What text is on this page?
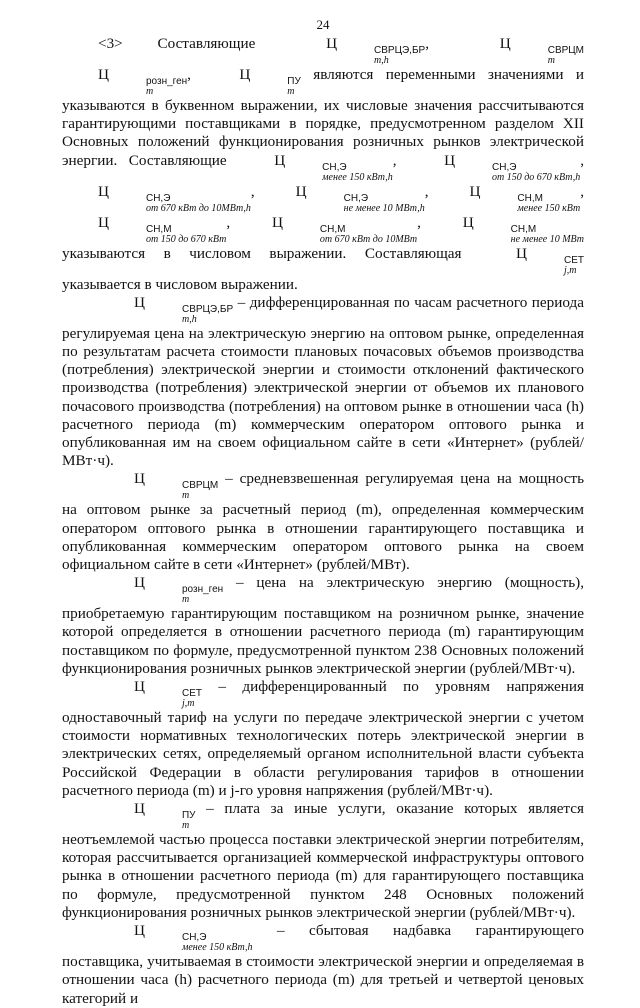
24

<3> Составляющие Ц	СВРЦЭ,БР
m,h
, Ц	СВРЦМ
m
Ц	розн_ген
m
, Ц	ПУ
m
являются переменными значениями и указываются в буквенном выражении, их числовые значения рассчитываются гарантирующими поставщиками в порядке, предусмотренном разделом XII Основных положений функционирования розничных рынков электрической энергии. Составляющие Ц	СН,Э
менее 150 кВт,h
,	Ц	СН,Э
от 150 до 670 кВт,h
, Ц	СН,Э
от 670 кВт до 10МВт,h
,	Ц	СН,Э
не менее 10 МВт,h
,	Ц	СН,М
менее 150 кВт
, Ц	СН,М
от 150 до 670 кВт
,	Ц	СН,М
от 670 кВт до 10МВт
,	Ц	СН,М
не менее 10 МВт
указываются в числовом выражении. Составляющая Ц	СЕТ
j,m
указывается в числовом выражении.

Ц	СВРЦЭ,БР
m,h
– дифференцированная по часам расчетного периода регулируемая цена на электрическую энергию на оптовом рынке, определенная по результатам расчета стоимости плановых почасовых объемов производства (потребления) электрической энергии и стоимости отклонений фактического производства (потребления) электрической энергии от объемов их планового почасового производства (потребления) на оптовом рынке в отношении часа (h) расчетного периода (m) коммерческим оператором оптового рынка и опубликованная им на своем официальном сайте в сети «Интернет» (рублей/МВт·ч).

Ц	СВРЦМ
m
– средневзвешенная регулируемая цена на мощность на оптовом рынке за расчетный период (m), определенная коммерческим оператором оптового рынка в отношении гарантирующего поставщика и опубликованная коммерческим оператором оптового рынка на своем официальном сайте в сети «Интернет» (рублей/МВт).

Ц	розн_ген
m
– цена на электрическую энергию (мощность), приобретаемую гарантирующим поставщиком на розничном рынке, значение которой определяется в отношении расчетного периода (m) гарантирующим поставщиком по формуле, предусмотренной пунктом 238 Основных положений функционирования розничных рынков электрической энергии (рублей/МВт·ч).

Ц	СЕТ
j,m
– дифференцированный по уровням напряжения одноставочный тариф на услуги по передаче электрической энергии с учетом стоимости нормативных технологических потерь электрической энергии в электрических сетях, определяемый органом исполнительной власти субъекта Российской Федерации в области регулирования тарифов в отношении расчетного периода (m) и j-го уровня напряжения (рублей/МВт·ч).

Ц	ПУ
m
– плата за иные услуги, оказание которых является неотъемлемой частью процесса поставки электрической энергии потребителям, которая рассчитывается организацией коммерческой инфраструктуры оптового рынка в отношении расчетного периода (m) для гарантирующего поставщика по формуле, предусмотренной пунктом 248 Основных положений функционирования розничных рынков электрической энергии (рублей/МВт·ч).

Ц	СН,Э
менее 150 кВт,h
– сбытовая надбавка гарантирующего поставщика, учитываемая в стоимости электрической энергии и определяемая в отношении часа (h) расчетного периода (m) для третьей и четвертой ценовых категорий и
